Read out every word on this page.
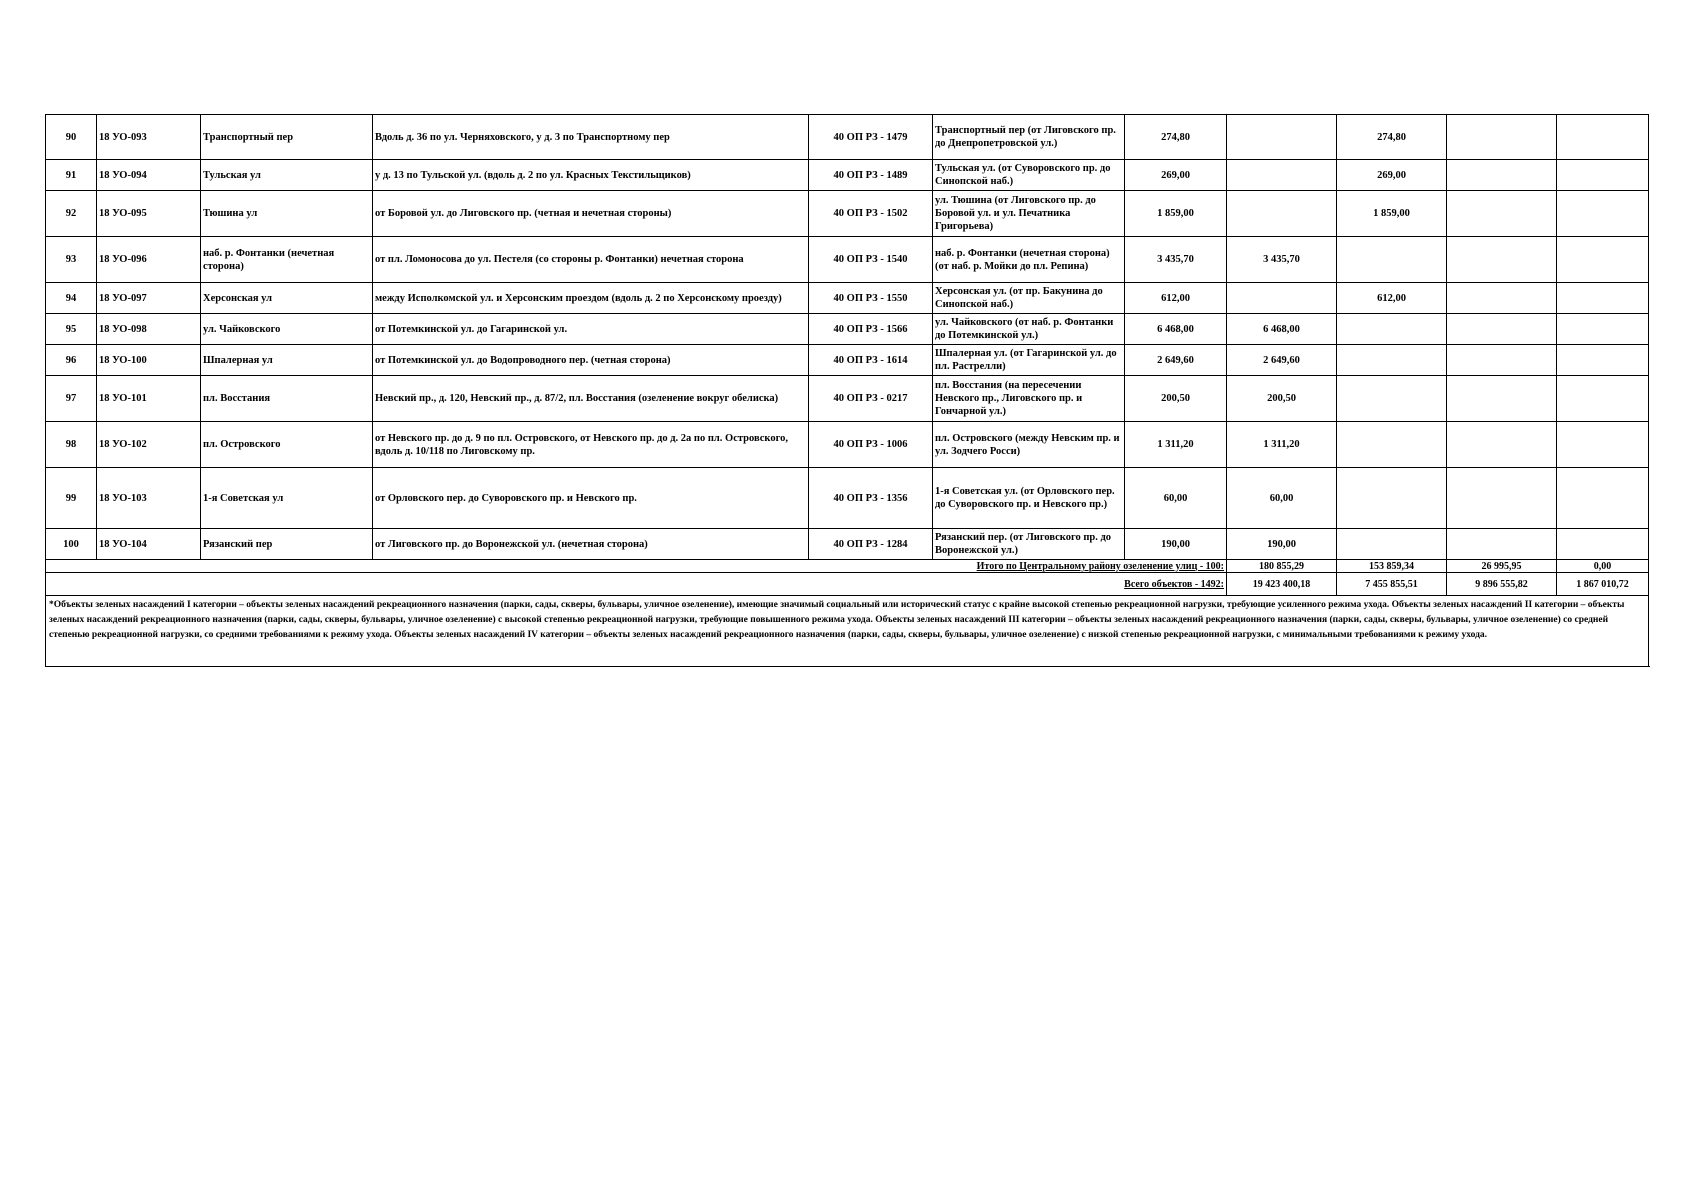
90	18 УО-093	Транспортный пер	Вдоль д. 36 по ул. Черняховского, у д. 3 по Транспортному пер	40 ОП РЗ - 1479	Транспортный пер (от Лиговского пр. до Днепропетровской ул.)	274,80		274,80			
91	18 УО-094	Тульская ул	у д. 13 по Тульской ул. (вдоль д. 2 по ул. Красных Текстильщиков)	40 ОП РЗ - 1489	Тульская ул. (от Суворовского пр. до Синопской наб.)	269,00		269,00			
92	18 УО-095	Тюшина ул	от Боровой ул. до Лиговского пр. (четная и нечетная стороны)	40 ОП РЗ - 1502	ул. Тюшина (от Лиговского пр. до Боровой ул. и ул. Печатника Григорьева)	1 859,00		1 859,00			
93	18 УО-096	наб. р. Фонтанки (нечетная сторона)	от пл. Ломоносова до ул. Пестеля (со стороны р. Фонтанки) нечетная сторона	40 ОП РЗ - 1540	наб. р. Фонтанки (нечетная сторона) (от наб. р. Мойки до пл. Репина)	3 435,70	3 435,70				
94	18 УО-097	Херсонская ул	между Исполкомской ул. и Херсонским проездом (вдоль д. 2 по Херсонскому проезду)	40 ОП РЗ - 1550	Херсонская ул. (от пр. Бакунина до Синопской наб.)	612,00		612,00			
95	18 УО-098	ул. Чайковского	от Потемкинской ул. до Гагаринской ул.	40 ОП РЗ - 1566	ул. Чайковского (от наб. р. Фонтанки до Потемкинской ул.)	6 468,00	6 468,00				
96	18 УО-100	Шпалерная ул	от Потемкинской ул. до Водопроводного пер. (четная сторона)	40 ОП РЗ - 1614	Шпалерная ул. (от Гагаринской ул. до пл. Растрелли)	2 649,60	2 649,60				
97	18 УО-101	пл. Восстания	Невский пр., д. 120, Невский пр., д. 87/2, пл. Восстания (озеленение вокруг обелиска)	40 ОП РЗ - 0217	пл. Восстания (на пересечении Невского пр., Лиговского пр. и Гончарной ул.)	200,50	200,50				
98	18 УО-102	пл. Островского	от Невского пр. до д. 9 по пл. Островского, от Невского пр. до д. 2а по пл. Островского, вдоль д. 10/118 по Лиговскому пр.	40 ОП РЗ - 1006	пл. Островского (между Невским пр. и ул. Зодчего Росси)	1 311,20	1 311,20				
99	18 УО-103	1-я Советская ул	от Орловского пер. до Суворовского пр. и Невского пр.	40 ОП РЗ - 1356	1-я Советская ул. (от Орловского пер. до Суворовского пр. и Невского пр.)	60,00	60,00				
100	18 УО-104	Рязанский пер	от Лиговского пр. до Воронежской ул. (нечетная сторона)	40 ОП РЗ - 1284	Рязанский пер. (от Лиговского пр. до Воронежской ул.)	190,00	190,00				
Итого по Центральному району озеленение улиц - 100:							180 855,29	153 859,34	26 995,95	0,00	
Всего объектов - 1492:							19 423 400,18	7 455 855,51	9 896 555,82	1 867 010,72	
*Объекты зеленых насаждений I категории – объекты зеленых насаждений рекреационного назначения (парки, сады, скверы, бульвары, уличное озеленение), имеющие значимый социальный или исторический статус с крайне высокой степенью рекреационной нагрузки, требующие усиленного режима ухода. Объекты зеленых насаждений II категории – объекты зеленых насаждений рекреационного назначения (парки, сады, скверы, бульвары, уличное озеленение) с высокой степенью рекреационной нагрузки, требующие повышенного режима ухода. Объекты зеленых насаждений III категории – объекты зеленых насаждений рекреационного назначения (парки, сады, скверы, бульвары, уличное озеленение) со средней степенью рекреационной нагрузки, со средними требованиями к режиму ухода. Объекты зеленых насаждений IV категории – объекты зеленых насаждений рекреационного назначения (парки, сады, скверы, бульвары, уличное озеленение) с низкой степенью рекреационной нагрузки, с минимальными требованиями к режиму ухода.											
